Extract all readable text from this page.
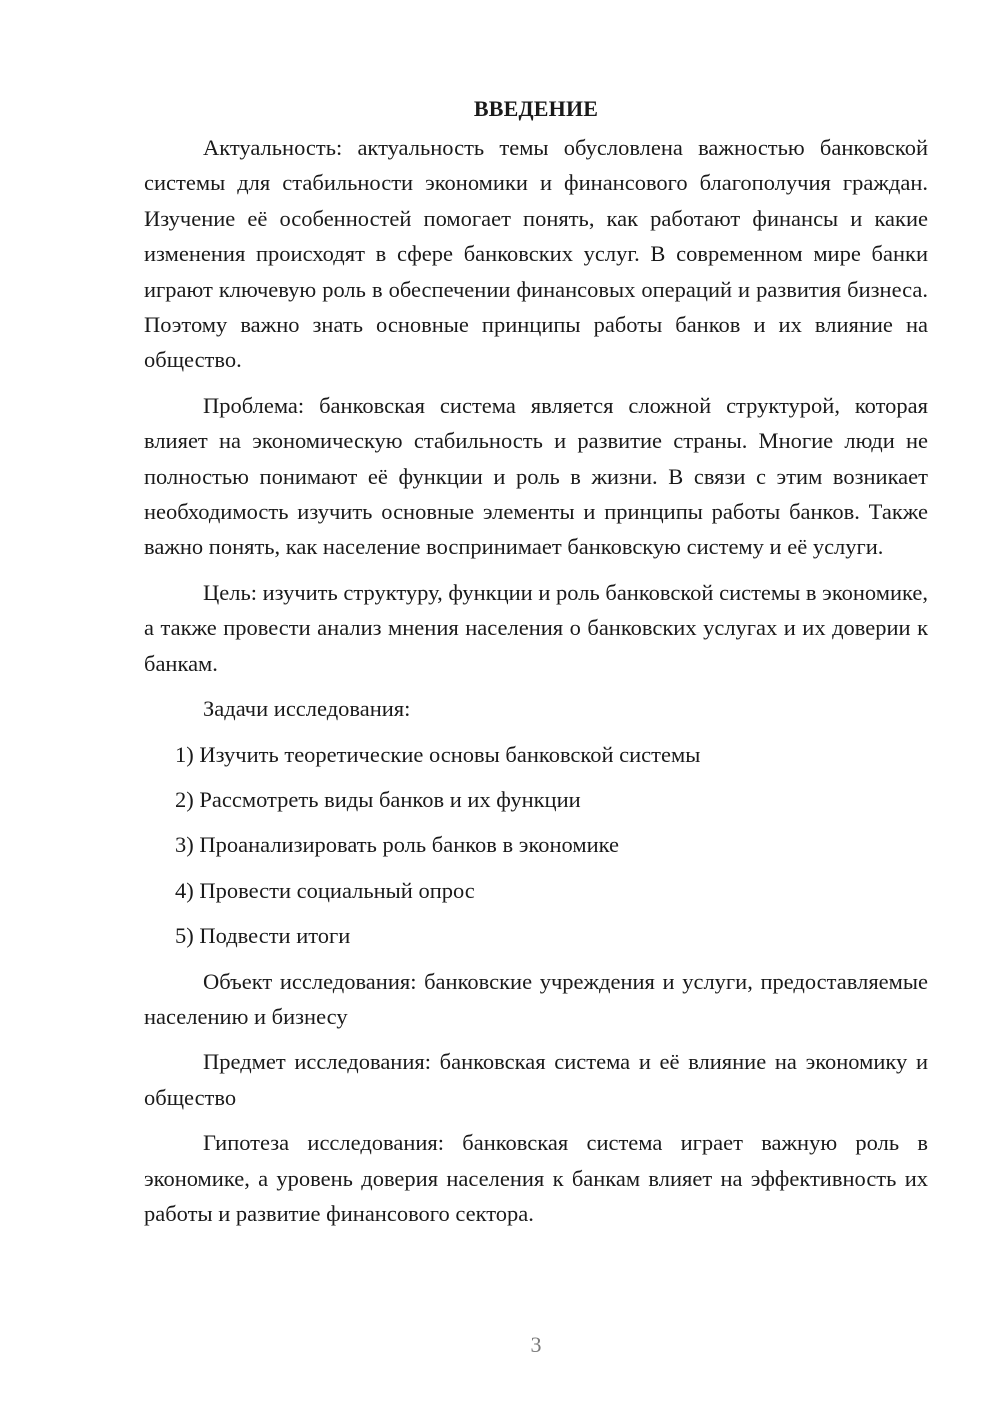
ВВЕДЕНИЕ

Актуальность: актуальность темы обусловлена важностью банковской системы для стабильности экономики и финансового благополучия граждан. Изучение её особенностей помогает понять, как работают финансы и какие изменения происходят в сфере банковских услуг. В современном мире банки играют ключевую роль в обеспечении финансовых операций и развития бизнеса. Поэтому важно знать основные принципы работы банков и их влияние на общество.

Проблема: банковская система является сложной структурой, которая влияет на экономическую стабильность и развитие страны. Многие люди не полностью понимают её функции и роль в жизни. В связи с этим возникает необходимость изучить основные элементы и принципы работы банков. Также важно понять, как население воспринимает банковскую систему и её услуги.

Цель: изучить структуру, функции и роль банковской системы в экономике, а также провести анализ мнения населения о банковских услугах и их доверии к банкам.

Задачи исследования:

1) Изучить теоретические основы банковской системы
2) Рассмотреть виды банков и их функции
3) Проанализировать роль банков в экономике
4) Провести социальный опрос
5) Подвести итоги

Объект исследования: банковские учреждения и услуги, предоставляемые населению и бизнесу

Предмет исследования: банковская система и её влияние на экономику и общество

Гипотеза исследования: банковская система играет важную роль в экономике, а уровень доверия населения к банкам влияет на эффективность их работы и развитие финансового сектора.

3
